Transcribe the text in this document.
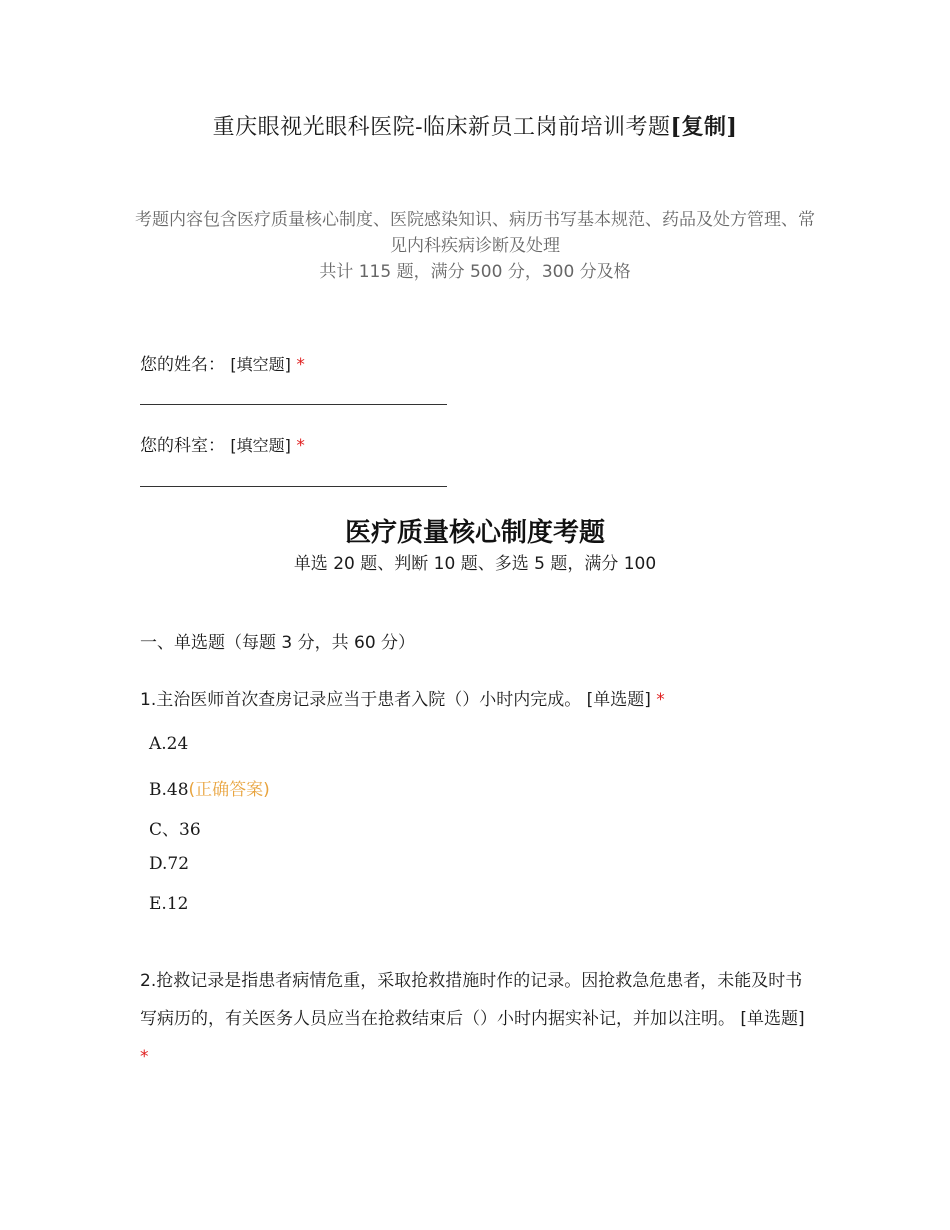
重庆眼视光眼科医院-临床新员工岗前培训考题[复制]
考题内容包含医疗质量核心制度、医院感染知识、病历书写基本规范、药品及处方管理、常见内科疾病诊断及处理
共计 115 题，满分 500 分，300 分及格
您的姓名： [填空题] *
您的科室： [填空题] *
医疗质量核心制度考题
单选 20 题、判断 10 题、多选 5 题，满分 100
一、单选题（每题 3 分，共 60 分）
1.主治医师首次查房记录应当于患者入院（）小时内完成。 [单选题] *
A.24
B.48(正确答案)
C、36
D.72
E.12
2.抢救记录是指患者病情危重，采取抢救措施时作的记录。因抢救急危患者，未能及时书写病历的，有关医务人员应当在抢救结束后（）小时内据实补记，并加以注明。 [单选题] *
